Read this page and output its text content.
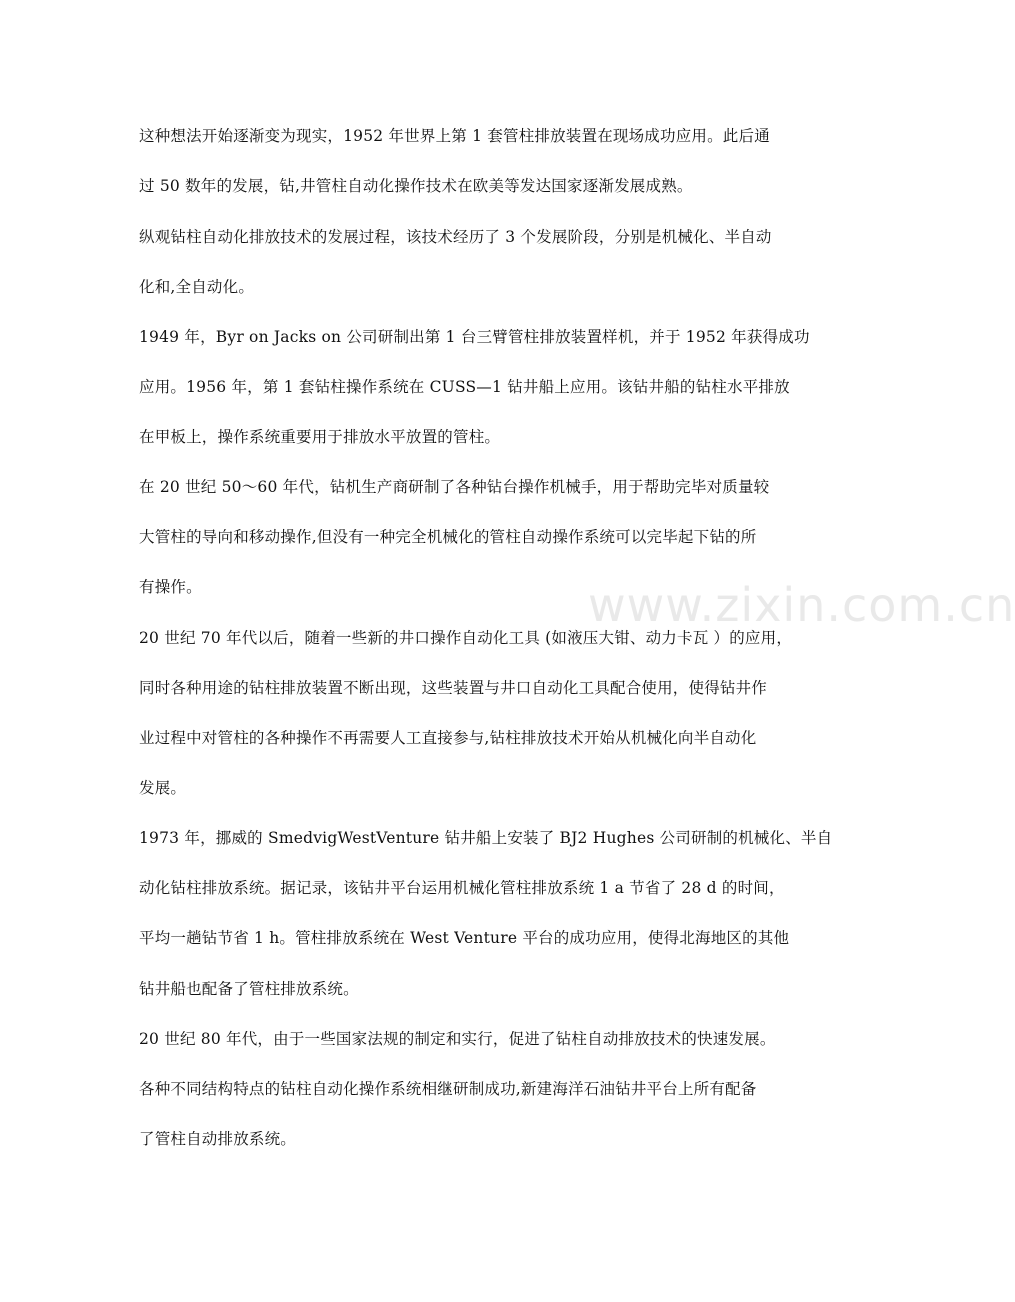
www.zixin.com.cn
这种想法开始逐渐变为现实，1952 年世界上第 1 套管柱排放装置在现场成功应用。此后通
过 50 数年的发展，钻,井管柱自动化操作技术在欧美等发达国家逐渐发展成熟。
纵观钻柱自动化排放技术的发展过程，该技术经历了 3 个发展阶段，分别是机械化、半自动
化和,全自动化。
1949 年，Byr on Jacks on 公司研制出第 1 台三臂管柱排放装置样机，并于 1952 年获得成功
应用。1956 年，第 1 套钻柱操作系统在 CUSS—1 钻井船上应用。该钻井船的钻柱水平排放
在甲板上，操作系统重要用于排放水平放置的管柱。
在 20 世纪 50～60 年代，钻机生产商研制了各种钻台操作机械手，用于帮助完毕对质量较
大管柱的导向和移动操作,但没有一种完全机械化的管柱自动操作系统可以完毕起下钻的所
有操作。
20 世纪 70 年代以后，随着一些新的井口操作自动化工具 (如液压大钳、动力卡瓦 ）的应用，
同时各种用途的钻柱排放装置不断出现，这些装置与井口自动化工具配合使用，使得钻井作
业过程中对管柱的各种操作不再需要人工直接参与,钻柱排放技术开始从机械化向半自动化
发展。
1973 年，挪威的 SmedvigWestVenture 钻井船上安装了 BJ2 Hughes 公司研制的机械化、半自
动化钻柱排放系统。据记录，该钻井平台运用机械化管柱排放系统 1 a 节省了 28 d 的时间，
平均一趟钻节省 1 h。管柱排放系统在 West Venture 平台的成功应用，使得北海地区的其他
钻井船也配备了管柱排放系统。
20 世纪 80 年代，由于一些国家法规的制定和实行，促进了钻柱自动排放技术的快速发展。
各种不同结构特点的钻柱自动化操作系统相继研制成功,新建海洋石油钻井平台上所有配备
了管柱自动排放系统。
